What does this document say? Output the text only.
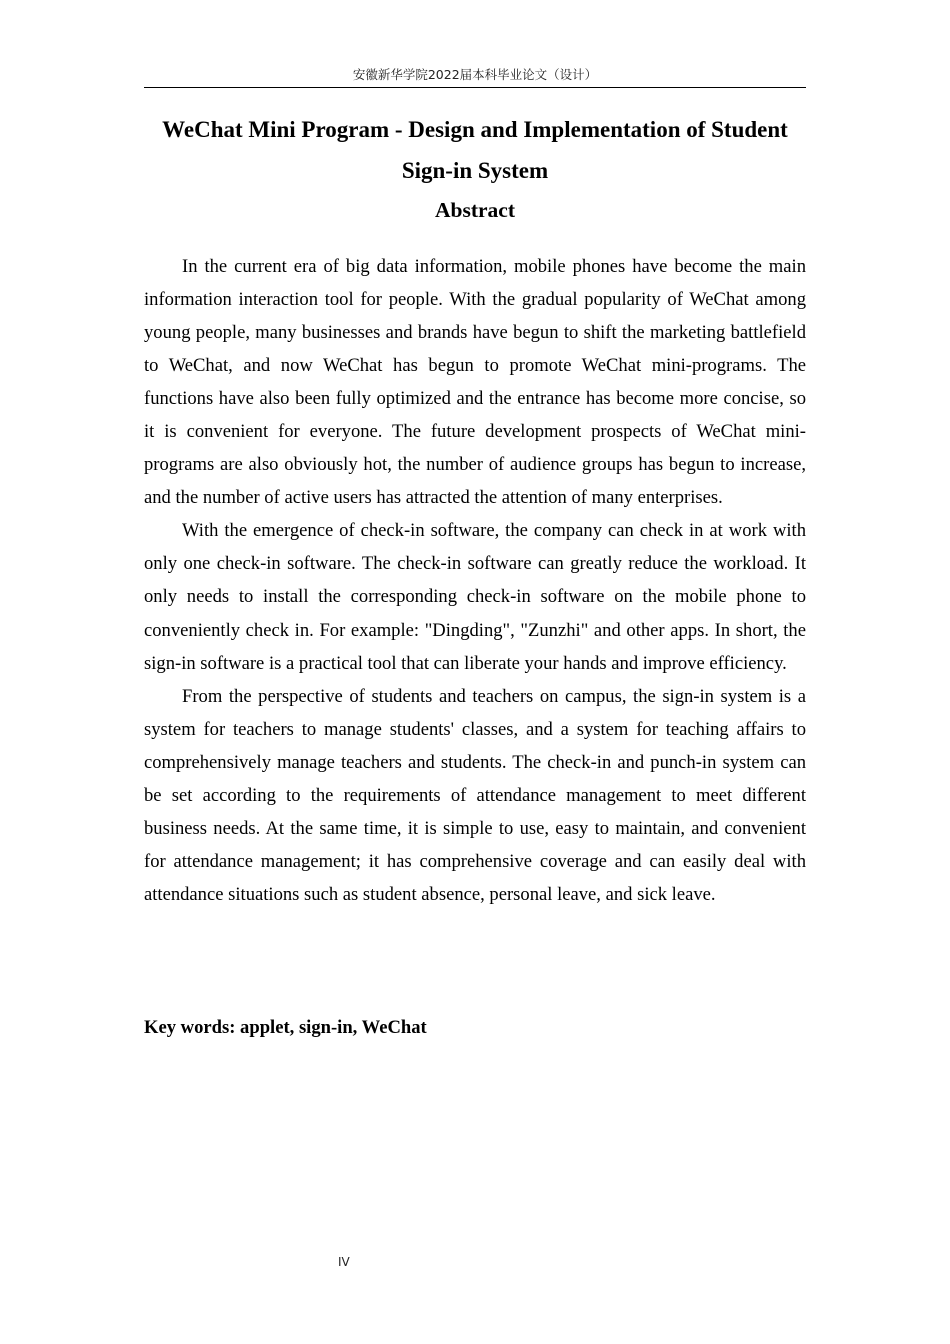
安徽新华学院2022届本科毕业论文（设计）
WeChat Mini Program - Design and Implementation of Student Sign-in System
Abstract

In the current era of big data information, mobile phones have become the main information interaction tool for people. With the gradual popularity of WeChat among young people, many businesses and brands have begun to shift the marketing battlefield to WeChat, and now WeChat has begun to promote WeChat mini-programs. The functions have also been fully optimized and the entrance has become more concise, so it is convenient for everyone. The future development prospects of WeChat mini-programs are also obviously hot, the number of audience groups has begun to increase, and the number of active users has attracted the attention of many enterprises.

With the emergence of check-in software, the company can check in at work with only one check-in software. The check-in software can greatly reduce the workload. It only needs to install the corresponding check-in software on the mobile phone to conveniently check in. For example: "Dingding", "Zunzhi" and other apps. In short, the sign-in software is a practical tool that can liberate your hands and improve efficiency.

From the perspective of students and teachers on campus, the sign-in system is a system for teachers to manage students' classes, and a system for teaching affairs to comprehensively manage teachers and students. The check-in and punch-in system can be set according to the requirements of attendance management to meet different business needs. At the same time, it is simple to use, easy to maintain, and convenient for attendance management; it has comprehensive coverage and can easily deal with attendance situations such as student absence, personal leave, and sick leave.

Key words: applet, sign-in, WeChat
IV
